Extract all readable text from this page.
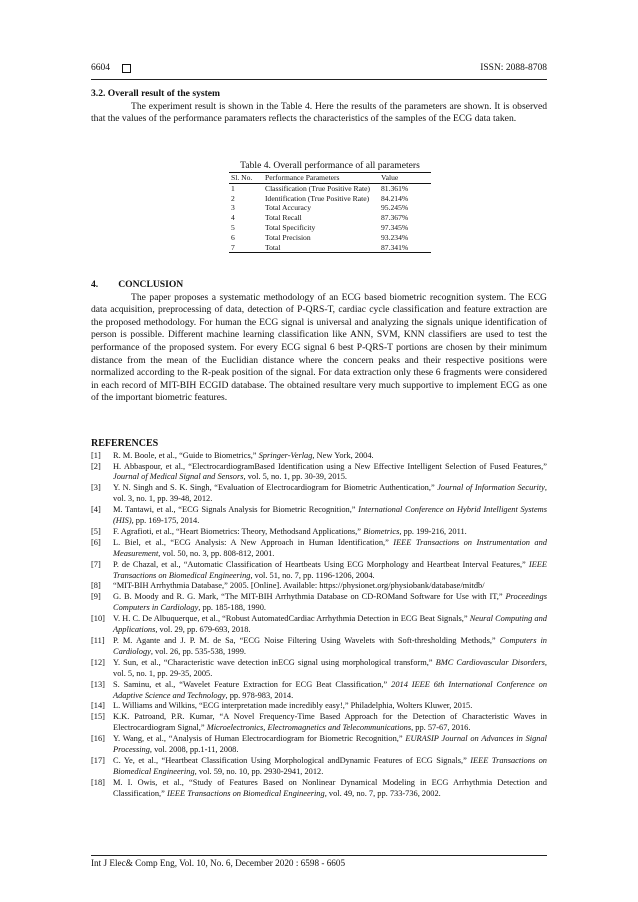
6604	ISSN: 2088-8708
3.2. Overall result of the system

The experiment result is shown in the Table 4. Here the results of the parameters are shown. It is observed that the values of the performance paramaters reflects the characteristics of the samples of the ECG data taken.

Table 4. Overall performance of all parameters
Sl. No.	Performance Parameters	Value
1	Classification (True Positive Rate)	81.361%
2	Identification (True Positive Rate)	84.214%
3	Total Accuracy	95.245%
4	Total Recall	87.367%
5	Total Specificity	97.345%
6	Total Precision	93.234%
7	Total	87.341%
4. CONCLUSION

The paper proposes a systematic methodology of an ECG based biometric recognition system. The ECG data acquisition, preprocessing of data, detection of P-QRS-T, cardiac cycle classification and feature extraction are the proposed methodology. For human the ECG signal is universal and analyzing the signals unique identification of person is possible. Different machine learning classification like ANN, SVM, KNN classifiers are used to test the performance of the proposed system. For every ECG signal 6 best P-QRS-T portions are chosen by their minimum distance from the mean of the Euclidian distance where the concern peaks and their respective positions were normalized according to the R-peak position of the signal. For data extraction only these 6 fragments were considered in each record of MIT-BIH ECGID database. The obtained resultare very much supportive to implement ECG as one of the important biometric features.

REFERENCES
[1]	R. M. Boole, et al., “Guide to Biometrics,” Springer-Verlag, New York, 2004.
[2]	H. Abbaspour, et al., “ElectrocardiogramBased Identification using a New Effective Intelligent Selection of Fused Features,” Journal of Medical Signal and Sensors, vol. 5, no. 1, pp. 30-39, 2015.
[3]	Y. N. Singh and S. K. Singh, “Evaluation of Electrocardiogram for Biometric Authentication,” Journal of Information Security, vol. 3, no. 1, pp. 39-48, 2012.
[4]	M. Tantawi, et al., “ECG Signals Analysis for Biometric Recognition,” International Conference on Hybrid Intelligent Systems (HIS), pp. 169-175, 2014.
[5]	F. Agrafioti, et al., “Heart Biometrics: Theory, Methodsand Applications,” Biometrics, pp. 199-216, 2011.
[6]	L. Biel, et al., “ECG Analysis: A New Approach in Human Identification,” IEEE Transactions on Instrumentation and Measurement, vol. 50, no. 3, pp. 808-812, 2001.
[7]	P. de Chazal, et al., “Automatic Classification of Heartbeats Using ECG Morphology and Heartbeat Interval Features,” IEEE Transactions on Biomedical Engineering, vol. 51, no. 7, pp. 1196-1206, 2004.
[8]	“MIT-BIH Arrhythmia Database,” 2005. [Online]. Available: https://physionet.org/physiobank/database/mitdb/
[9]	G. B. Moody and R. G. Mark, “The MIT-BIH Arrhythmia Database on CD-ROMand Software for Use with IT,” Proceedings Computers in Cardiology, pp. 185-188, 1990.
[10] V. H. C. De Albuquerque, et al., “Robust AutomatedCardiac Arrhythmia Detection in ECG Beat Signals,” Neural Computing and Applications, vol. 29, pp. 679-693, 2018.
[11] P. M. Agante and J. P. M. de Sa, “ECG Noise Filtering Using Wavelets with Soft-thresholding Methods,” Computers in Cardiology, vol. 26, pp. 535-538, 1999.
[12] Y. Sun, et al., “Characteristic wave detection inECG signal using morphological transform,” BMC Cardiovascular Disorders, vol. 5, no. 1, pp. 29-35, 2005.
[13] S. Saminu, et al., “Wavelet Feature Extraction for ECG Beat Classification,” 2014 IEEE 6th International Conference on Adaptive Science and Technology, pp. 978-983, 2014.
[14] L. Williams and Wilkins, “ECG interpretation made incredibly easy!,” Philadelphia, Wolters Kluwer, 2015.
[15] K.K. Patroand, P.R. Kumar, “A Novel Frequency-Time Based Approach for the Detection of Characteristic Waves in Electrocardiogram Signal,” Microelectronics, Electromagnetics and Telecommunications, pp. 57-67, 2016.
[16] Y. Wang, et al., “Analysis of Human Electrocardiogram for Biometric Recognition,” EURASIP Journal on Advances in Signal Processing, vol. 2008, pp.1-11, 2008.
[17] C. Ye, et al., “Heartbeat Classification Using Morphological andDynamic Features of ECG Signals,” IEEE Transactions on Biomedical Engineering, vol. 59, no. 10, pp. 2930-2941, 2012.
[18] M. I. Owis, et al., “Study of Features Based on Nonlinear Dynamical Modeling in ECG Arrhythmia Detection and Classification,” IEEE Transactions on Biomedical Engineering, vol. 49, no. 7, pp. 733-736, 2002.
Int J Elec& Comp Eng, Vol. 10, No. 6, December 2020 : 6598 - 6605
